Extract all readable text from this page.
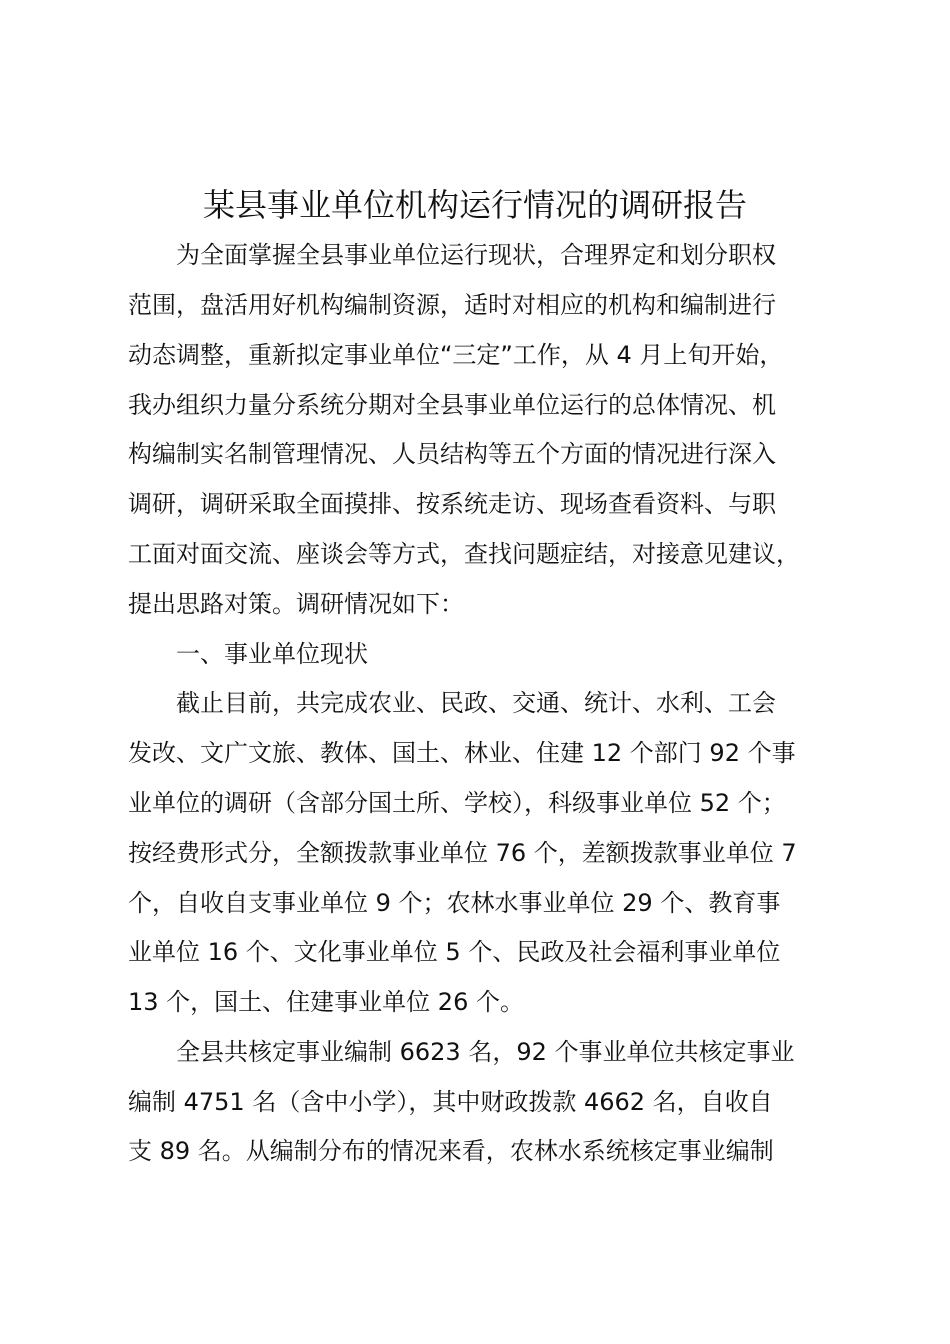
某县事业单位机构运行情况的调研报告
为全面掌握全县事业单位运行现状，合理界定和划分职权
范围，盘活用好机构编制资源，适时对相应的机构和编制进行
动态调整，重新拟定事业单位“三定”工作，从 4 月上旬开始，
我办组织力量分系统分期对全县事业单位运行的总体情况、机
构编制实名制管理情况、人员结构等五个方面的情况进行深入
调研，调研采取全面摸排、按系统走访、现场查看资料、与职
工面对面交流、座谈会等方式，查找问题症结，对接意见建议，
提出思路对策。调研情况如下：
一、事业单位现状
截止目前，共完成农业、民政、交通、统计、水利、工会
发改、文广文旅、教体、国土、林业、住建 12 个部门 92 个事
业单位的调研（含部分国土所、学校），科级事业单位 52 个；
按经费形式分，全额拨款事业单位 76 个，差额拨款事业单位 7
个，自收自支事业单位 9 个；农林水事业单位 29 个、教育事
业单位 16 个、文化事业单位 5 个、民政及社会福利事业单位
13 个，国土、住建事业单位 26 个。
全县共核定事业编制 6623 名，92 个事业单位共核定事业
编制 4751 名（含中小学），其中财政拨款 4662 名，自收自
支 89 名。从编制分布的情况来看，农林水系统核定事业编制
